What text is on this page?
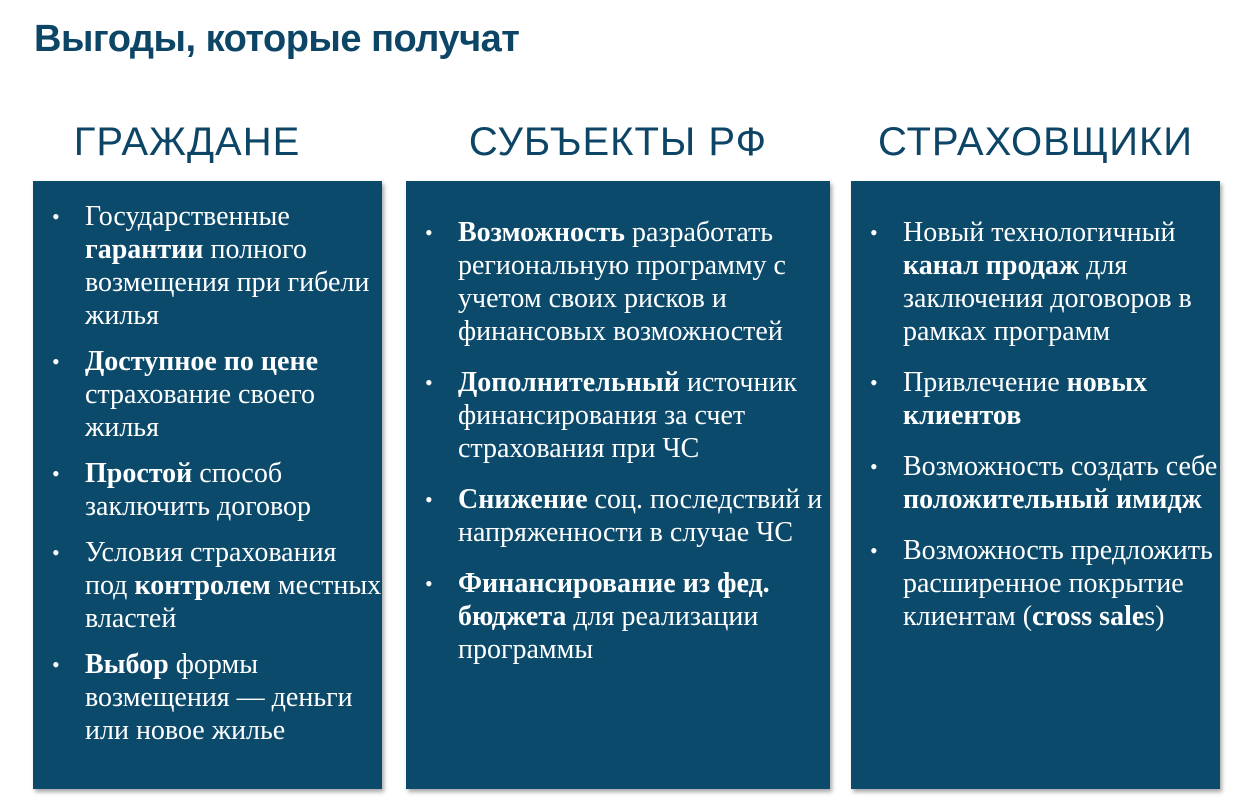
Выгоды, которые получат
ГРАЖДАНЕ	СУБЪЕКТЫ РФ	СТРАХОВЩИКИ
• Государственные гарантии полного возмещения при гибели жилья
• Доступное по цене страхование своего жилья
• Простой способ заключить договор
• Условия страхования под контролем местных властей
• Выбор формы возмещения — деньги или новое жилье
• Возможность разработать региональную программу с учетом своих рисков и финансовых возможностей
• Дополнительный источник финансирования за счет страхования при ЧС
• Снижение соц. последствий и напряженности в случае ЧС
• Финансирование из фед. бюджета для реализации программы
• Новый технологичный канал продаж для заключения договоров в рамках программ
• Привлечение новых клиентов
• Возможность создать себе положительный имидж
• Возможность предложить расширенное покрытие клиентам (cross sales)
